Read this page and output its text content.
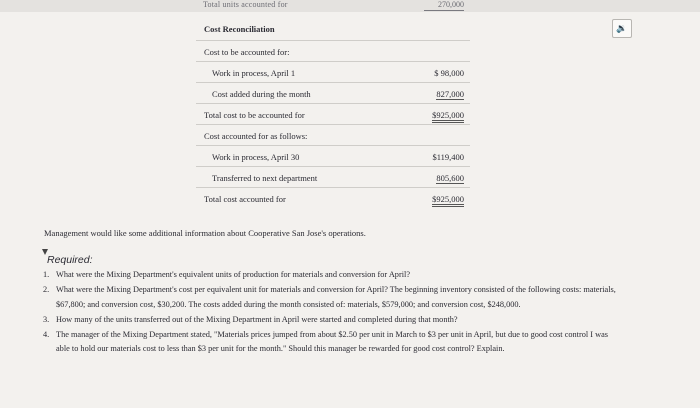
Total units accounted for	270,000
🔉
Cost Reconciliation
Cost to be accounted for:
Work in process, April 1	$ 98,000
Cost added during the month	827,000
Total cost to be accounted for	$925,000
Cost accounted for as follows:
Work in process, April 30	$119,400
Transferred to next department	805,600
Total cost accounted for	$925,000
Management would like some additional information about Cooperative San Jose's operations.
Required:
1. What were the Mixing Department's equivalent units of production for materials and conversion for April?
2. What were the Mixing Department's cost per equivalent unit for materials and conversion for April? The beginning inventory consisted of the following costs: materials, $67,800; and conversion cost, $30,200. The costs added during the month consisted of: materials, $579,000; and conversion cost, $248,000.
3. How many of the units transferred out of the Mixing Department in April were started and completed during that month?
4. The manager of the Mixing Department stated, "Materials prices jumped from about $2.50 per unit in March to $3 per unit in April, but due to good cost control I was able to hold our materials cost to less than $3 per unit for the month." Should this manager be rewarded for good cost control? Explain.
